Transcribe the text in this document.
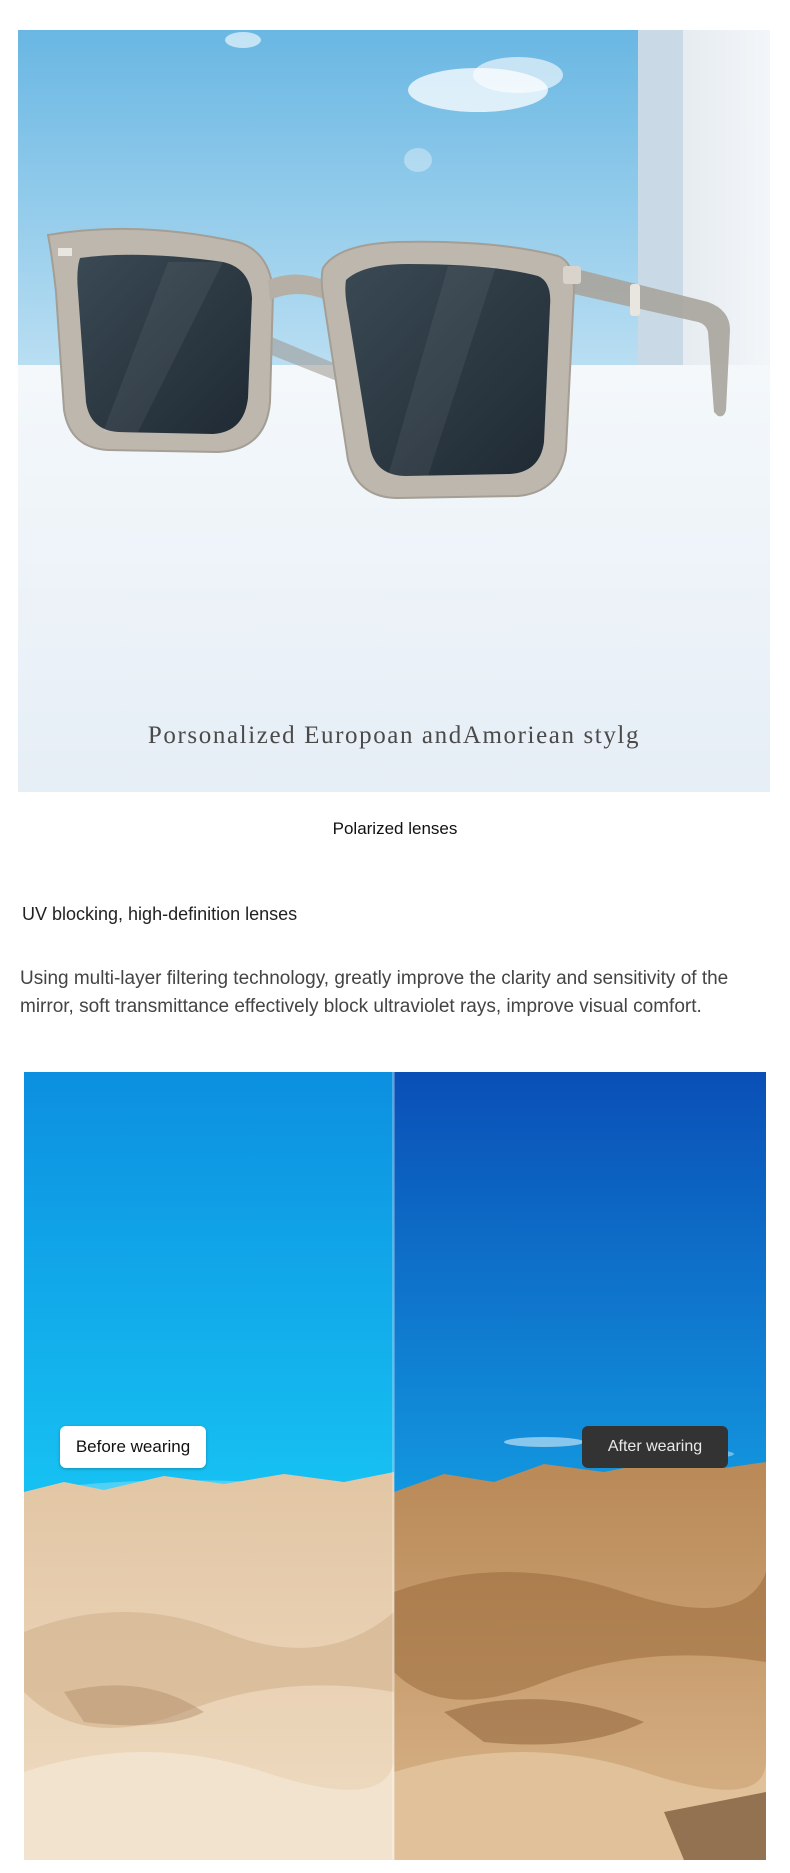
Porsonalized Europoan andAmoriean stylg
Polarized lenses
UV blocking, high-definition lenses
Using multi-layer filtering technology, greatly improve the clarity and sensitivity of the mirror, soft transmittance effectively block ultraviolet rays, improve visual comfort.
Before wearing	After wearing
